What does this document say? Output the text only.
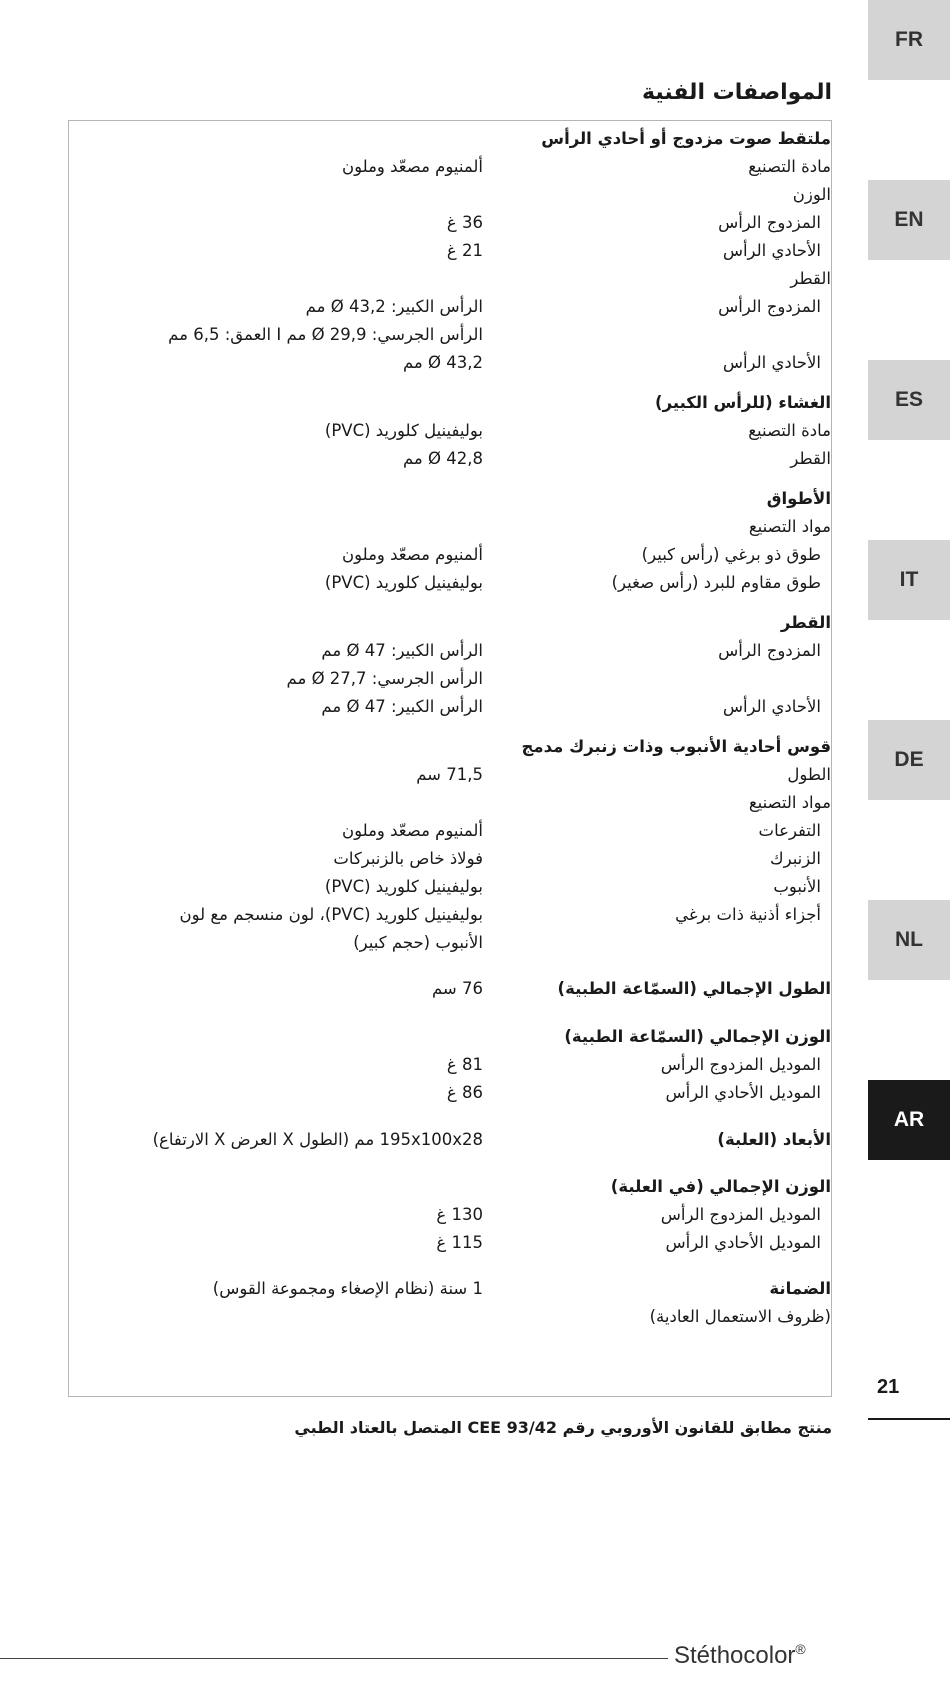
المواصفات الفنية
ملتقط صوت مزدوج أو أحادي الرأس
مادة التصنيع
ألمنيوم مصعّد وملون
الوزن
المزدوج الرأس
36 غ
الأحادي الرأس
21 غ
القطر
المزدوج الرأس
الرأس الكبير: Ø 43,2 مم
الرأس الجرسي: Ø 29,9 مم I العمق: 6,5 مم
الأحادي الرأس
Ø 43,2 مم
الغشاء (للرأس الكبير)
مادة التصنيع
بوليفينيل كلوريد (PVC)
القطر
Ø 42,8 مم
الأطواق
مواد التصنيع
طوق ذو برغي (رأس كبير)
ألمنيوم مصعّد وملون
طوق مقاوم للبرد (رأس صغير)
بوليفينيل كلوريد (PVC)
القطر
المزدوج الرأس
الرأس الكبير: Ø 47 مم
الرأس الجرسي: Ø 27,7 مم
الأحادي الرأس
الرأس الكبير: Ø 47 مم
قوس أحادية الأنبوب وذات زنبرك مدمج
الطول
71,5 سم
مواد التصنيع
التفرعات
ألمنيوم مصعّد وملون
الزنبرك
فولاذ خاص بالزنبركات
الأنبوب
بوليفينيل كلوريد (PVC)
أجزاء أذنية ذات برغي
بوليفينيل كلوريد (PVC)، لون منسجم مع لون
الأنبوب (حجم كبير)
الطول الإجمالي (السمّاعة الطبية)
76 سم
الوزن الإجمالي (السمّاعة الطبية)
الموديل المزدوج الرأس
81 غ
الموديل الأحادي الرأس
86 غ
الأبعاد (العلبة)
195x100x28 مم (الطول X العرض X الارتفاع)
الوزن الإجمالي (في العلبة)
الموديل المزدوج الرأس
130 غ
الموديل الأحادي الرأس
115 غ
الضمانة
1 سنة (نظام الإصغاء ومجموعة القوس)
(ظروف الاستعمال العادية)
منتج مطابق للقانون الأوروبي رقم CEE 93/42 المتصل بالعتاد الطبي
FR
EN
ES
IT
DE
NL
AR
21
Stéthocolor®
